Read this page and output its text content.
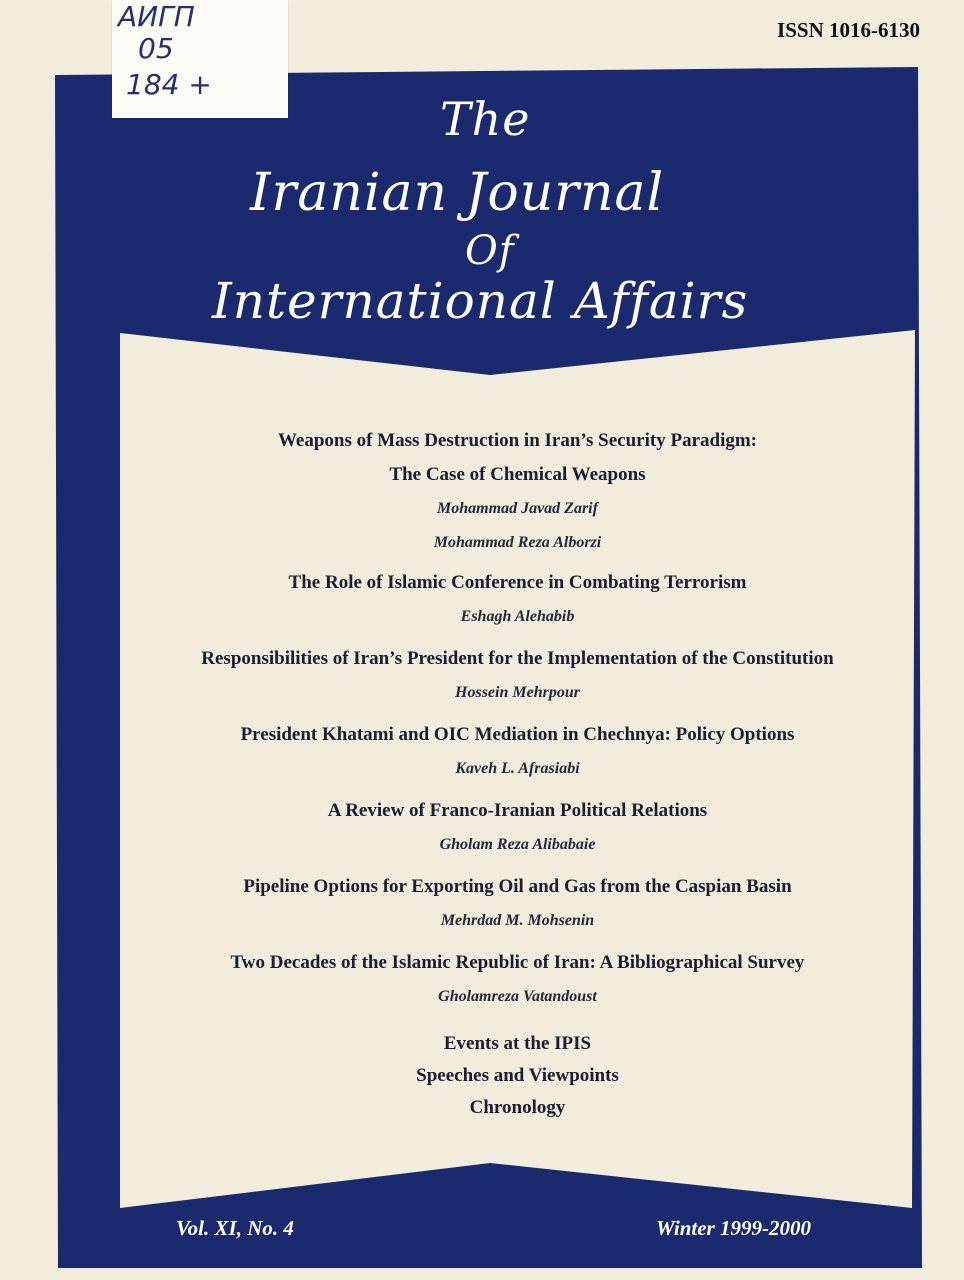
АИГП
05
184 +
ISSN 1016-6130
The
Iranian Journal
Of
International Affairs
Weapons of Mass Destruction in Iran’s Security Paradigm:
The Case of Chemical Weapons
Mohammad Javad Zarif
Mohammad Reza Alborzi
The Role of Islamic Conference in Combating Terrorism
Eshagh Alehabib
Responsibilities of Iran’s President for the Implementation of the Constitution
Hossein Mehrpour
President Khatami and OIC Mediation in Chechnya: Policy Options
Kaveh L. Afrasiabi
A Review of Franco-Iranian Political Relations
Gholam Reza Alibabaie
Pipeline Options for Exporting Oil and Gas from the Caspian Basin
Mehrdad M. Mohsenin
Two Decades of the Islamic Republic of Iran: A Bibliographical Survey
Gholamreza Vatandoust
Events at the IPIS
Speeches and Viewpoints
Chronology
Vol. XI, No. 4	Winter 1999-2000
